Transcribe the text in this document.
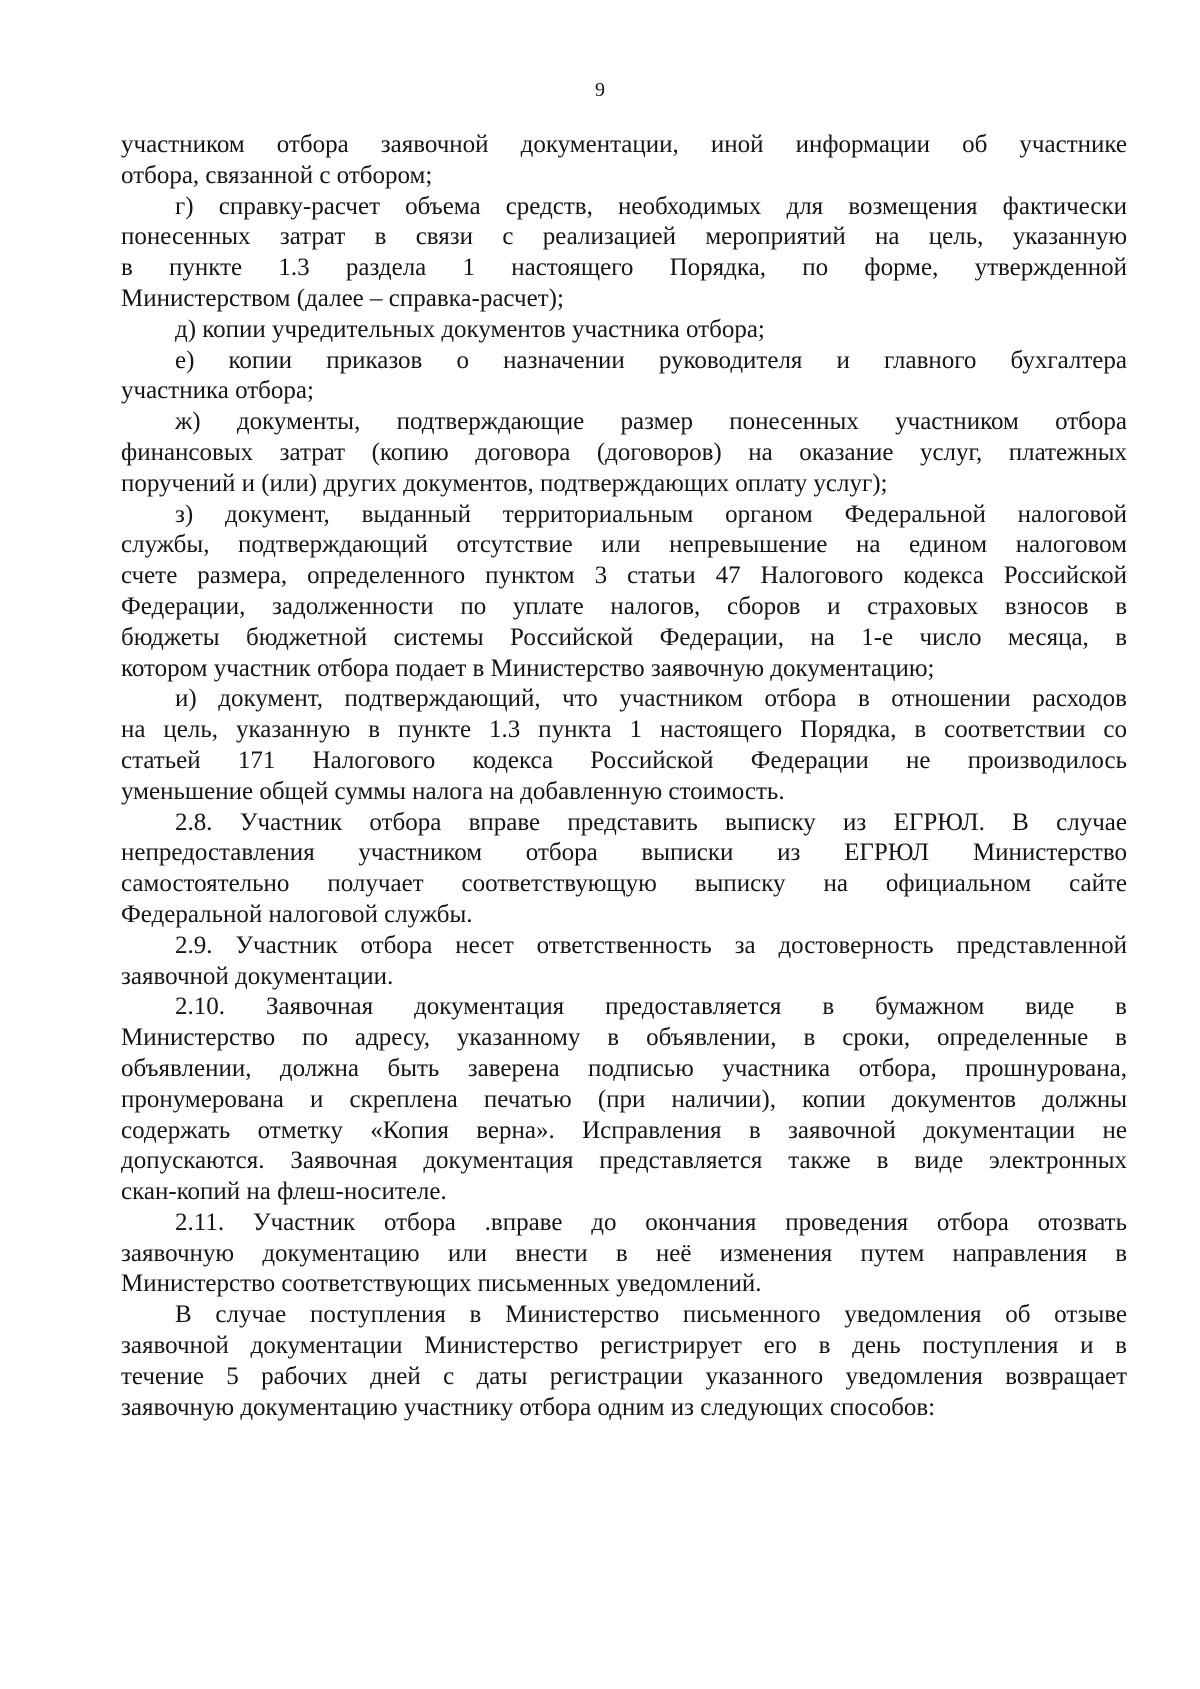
9
участником отбора заявочной документации, иной информации об участнике
отбора, связанной с отбором;
г) справку-расчет объема средств, необходимых для возмещения фактически
понесенных затрат в связи с реализацией мероприятий на цель, указанную
в пункте 1.3 раздела 1 настоящего Порядка, по форме, утвержденной
Министерством (далее – справка-расчет);
д) копии учредительных документов участника отбора;
е) копии приказов о назначении руководителя и главного бухгалтера
участника отбора;
ж) документы, подтверждающие размер понесенных участником отбора
финансовых затрат (копию договора (договоров) на оказание услуг, платежных
поручений и (или) других документов, подтверждающих оплату услуг);
з) документ, выданный территориальным органом Федеральной налоговой
службы, подтверждающий отсутствие или непревышение на едином налоговом
счете размера, определенного пунктом 3 статьи 47 Налогового кодекса Российской
Федерации, задолженности по уплате налогов, сборов и страховых взносов в
бюджеты бюджетной системы Российской Федерации, на 1-е число месяца, в
котором участник отбора подает в Министерство заявочную документацию;
и) документ, подтверждающий, что участником отбора в отношении расходов
на цель, указанную в пункте 1.3 пункта 1 настоящего Порядка, в соответствии со
статьей 171 Налогового кодекса Российской Федерации не производилось
уменьшение общей суммы налога на добавленную стоимость.
2.8. Участник отбора вправе представить выписку из ЕГРЮЛ. В случае
непредоставления участником отбора выписки из ЕГРЮЛ Министерство
самостоятельно получает соответствующую выписку на официальном сайте
Федеральной налоговой службы.
2.9. Участник отбора несет ответственность за достоверность представленной
заявочной документации.
2.10. Заявочная документация предоставляется в бумажном виде в
Министерство по адресу, указанному в объявлении, в сроки, определенные в
объявлении, должна быть заверена подписью участника отбора, прошнурована,
пронумерована и скреплена печатью (при наличии), копии документов должны
содержать отметку «Копия верна». Исправления в заявочной документации не
допускаются. Заявочная документация представляется также в виде электронных
скан-копий на флеш-носителе.
2.11. Участник отбора .вправе до окончания проведения отбора отозвать
заявочную документацию или внести в неё изменения путем направления в
Министерство соответствующих письменных уведомлений.
В случае поступления в Министерство письменного уведомления об отзыве
заявочной документации Министерство регистрирует его в день поступления и в
течение 5 рабочих дней с даты регистрации указанного уведомления возвращает
заявочную документацию участнику отбора одним из следующих способов:
